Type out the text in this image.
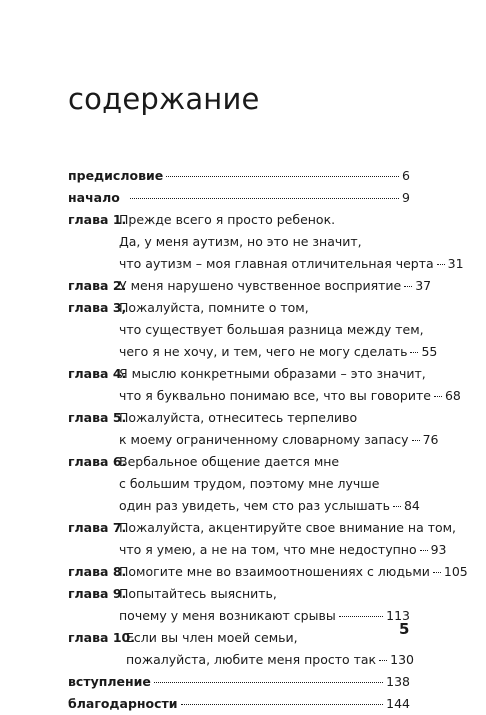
содержание
предисловие	6
начало	9
глава 1.
Прежде всего я просто ребенок.
Да, у меня аутизм, но это не значит,
что аутизм – моя главная отличительная черта 31
глава 2.
У меня нарушено чувственное восприятие 37
глава 3,
Пожалуйста, помните о том,
что существует большая разница между тем,
чего я не хочу, и тем, чего не могу сделать 55
глава 4.
Я мыслю конкретными образами – это значит,
что я буквально понимаю все, что вы говорите 68
глава 5.
Пожалуйста, отнеситесь терпеливо
к моему ограниченному словарному запасу 76
глава 6.
Вербальное общение дается мне
с большим трудом, поэтому мне лучше
один раз увидеть, чем сто раз услышать 84
глава 7.
Пожалуйста, акцентируйте свое внимание на том,
что я умею, а не на том, что мне недоступно 93
глава 8.
Помогите мне во взаимоотношениях с людьми 105
глава 9.
Попытайтесь выяснить,
почему у меня возникают срывы	113
глава 10.
Если вы член моей семьи,
пожалуйста, любите меня просто так 130
вступление	138
благодарности	144
5
